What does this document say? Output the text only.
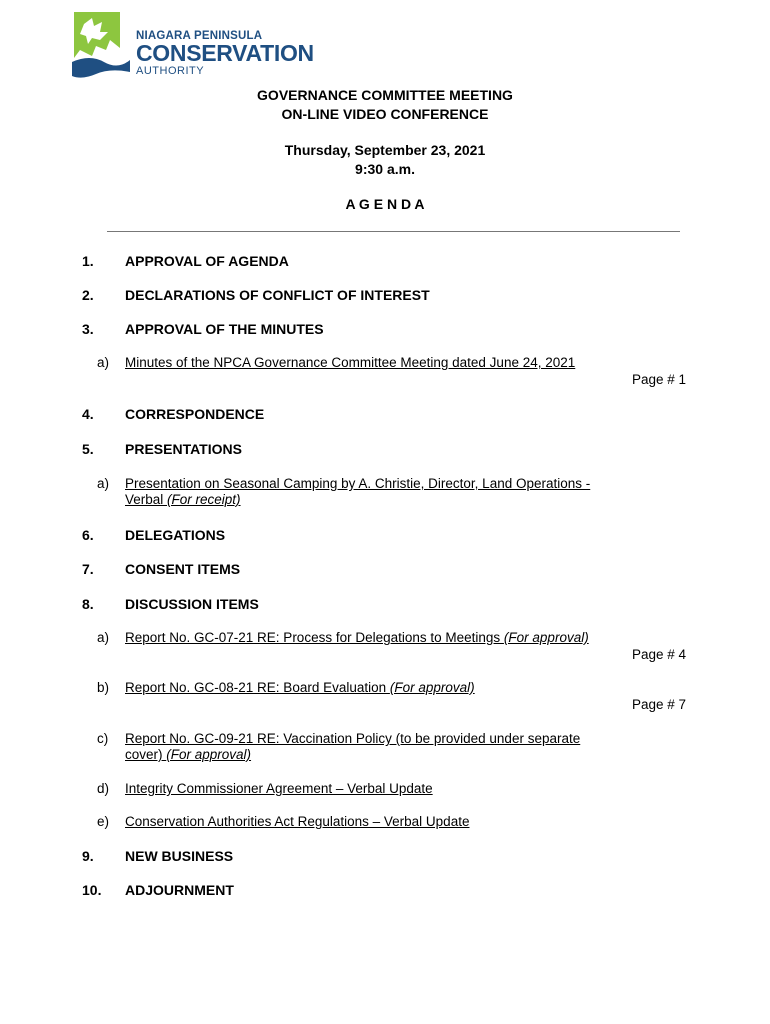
NIAGARA PENINSULA
CONSERVATION
AUTHORITY
GOVERNANCE COMMITTEE MEETING
ON-LINE VIDEO CONFERENCE
Thursday, September 23, 2021
9:30 a.m.
A G E N D A
1. APPROVAL OF AGENDA
2. DECLARATIONS OF CONFLICT OF INTEREST
3. APPROVAL OF THE MINUTES
a) Minutes of the NPCA Governance Committee Meeting dated June 24, 2021
Page # 1
4. CORRESPONDENCE
5. PRESENTATIONS
a) Presentation on Seasonal Camping by A. Christie, Director, Land Operations - Verbal (For receipt)
6. DELEGATIONS
7. CONSENT ITEMS
8. DISCUSSION ITEMS
a) Report No. GC-07-21 RE: Process for Delegations to Meetings (For approval)
Page # 4
b) Report No. GC-08-21 RE: Board Evaluation (For approval)
Page # 7
c) Report No. GC-09-21 RE: Vaccination Policy (to be provided under separate cover) (For approval)
d) Integrity Commissioner Agreement – Verbal Update
e) Conservation Authorities Act Regulations – Verbal Update
9. NEW BUSINESS
10. ADJOURNMENT
